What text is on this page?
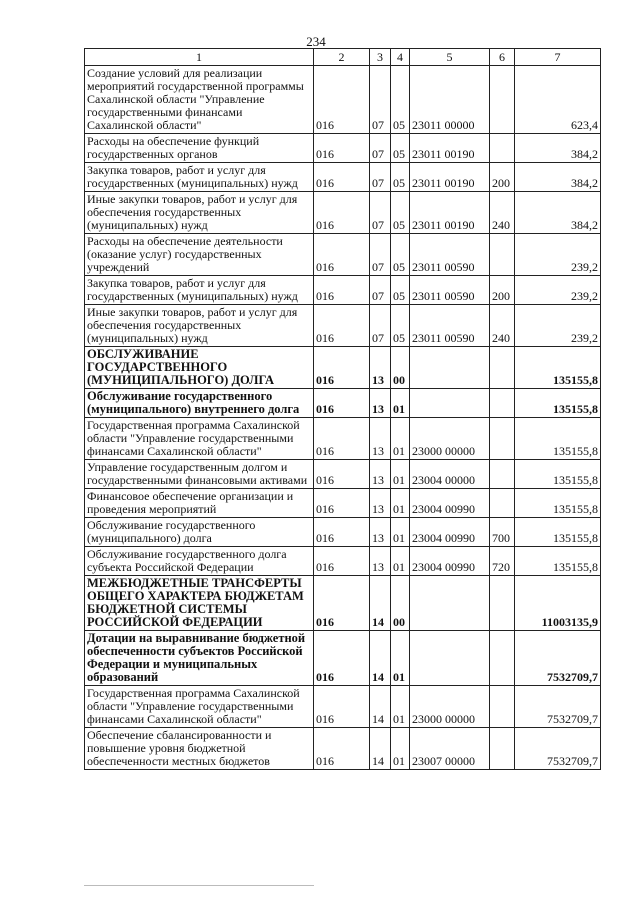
234
1	2	3	4	5	6	7
Создание условий для реализации мероприятий государственной программы Сахалинской области "Управление государственными финансами Сахалинской области"	016	07	05	23011 00000		623,4
Расходы на обеспечение функций государственных органов	016	07	05	23011 00190		384,2
Закупка товаров, работ и услуг для государственных (муниципальных) нужд	016	07	05	23011 00190	200	384,2
Иные закупки товаров, работ и услуг для обеспечения государственных (муниципальных) нужд	016	07	05	23011 00190	240	384,2
Расходы на обеспечение деятельности (оказание услуг) государственных учреждений	016	07	05	23011 00590		239,2
Закупка товаров, работ и услуг для государственных (муниципальных) нужд	016	07	05	23011 00590	200	239,2
Иные закупки товаров, работ и услуг для обеспечения государственных (муниципальных) нужд	016	07	05	23011 00590	240	239,2
ОБСЛУЖИВАНИЕ ГОСУДАРСТВЕННОГО (МУНИЦИПАЛЬНОГО) ДОЛГА	016	13	00			135155,8
Обслуживание государственного (муниципального) внутреннего долга	016	13	01			135155,8
Государственная программа Сахалинской области "Управление государственными финансами Сахалинской области"	016	13	01	23000 00000		135155,8
Управление государственным долгом и государственными финансовыми активами	016	13	01	23004 00000		135155,8
Финансовое обеспечение организации и проведения мероприятий	016	13	01	23004 00990		135155,8
Обслуживание государственного (муниципального) долга	016	13	01	23004 00990	700	135155,8
Обслуживание государственного долга субъекта Российской Федерации	016	13	01	23004 00990	720	135155,8
МЕЖБЮДЖЕТНЫЕ ТРАНСФЕРТЫ ОБЩЕГО ХАРАКТЕРА БЮДЖЕТАМ БЮДЖЕТНОЙ СИСТЕМЫ РОССИЙСКОЙ ФЕДЕРАЦИИ	016	14	00			11003135,9
Дотации на выравнивание бюджетной обеспеченности субъектов Российской Федерации и муниципальных образований	016	14	01			7532709,7
Государственная программа Сахалинской области "Управление государственными финансами Сахалинской области"	016	14	01	23000 00000		7532709,7
Обеспечение сбалансированности и повышение уровня бюджетной обеспеченности местных бюджетов	016	14	01	23007 00000		7532709,7
